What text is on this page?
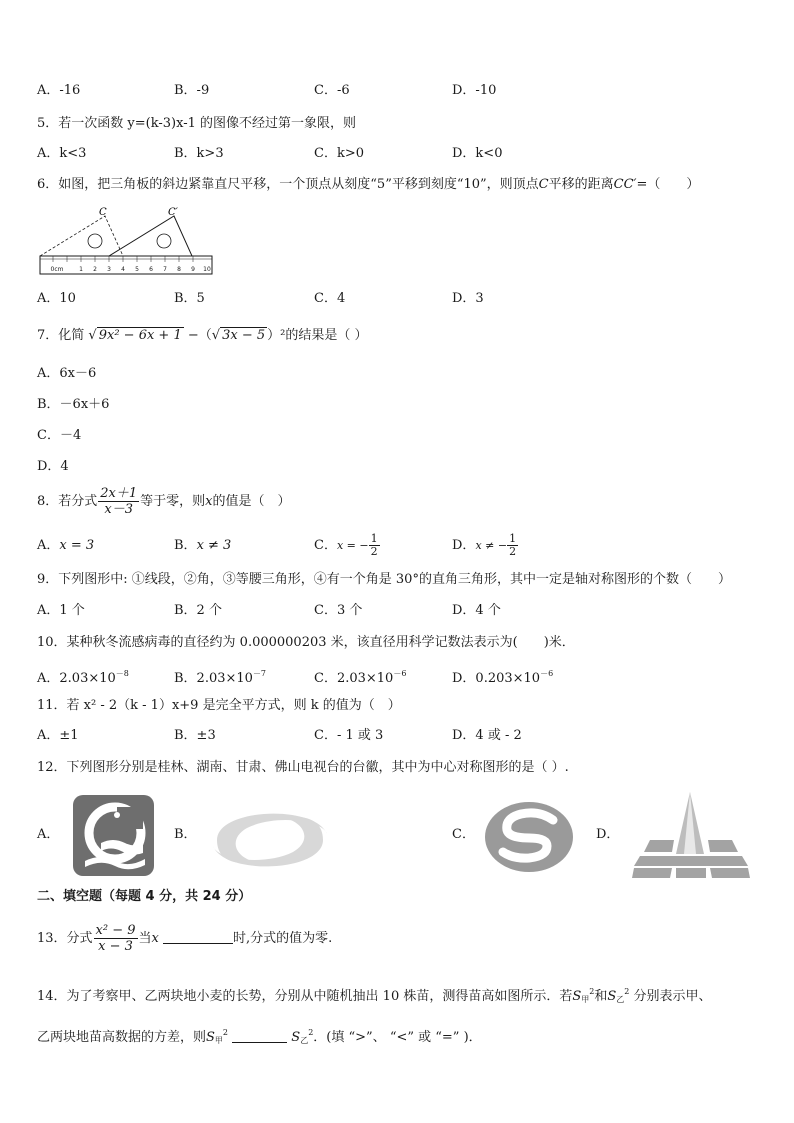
A．-16	B．-9	C．-6	D．-10
5．若一次函数 y=(k-3)x-1 的图像不经过第一象限，则
A．k<3	B．k>3	C．k>0	D．k<0
6．如图，把三角板的斜边紧靠直尺平移，一个顶点从刻度“5”平移到刻度“10”，则顶点C平移的距离CC′=（　　）
0cm	1 2 3 4 5 6 7 8 9 10
C	C′
A．10	B．5	C．4	D．3
7．化简 √ 9x² − 6x + 1 −（√ 3x − 5 ）²的结果是（ ）
A．6x－6
B．－6x＋6
C．－4
D．4
8．若分式 $\frac{2x+1}{x-3}$ 等于零，则x的值是（　）
A．x = 3	B．x ≠ 3	C．x = − $\frac{1}{2}$	D．x ≠ − $\frac{1}{2}$
9．下列图形中: ①线段，②角，③等腰三角形，④有一个角是 30°的直角三角形，其中一定是轴对称图形的个数（　　）
A．1 个	B．2 个	C．3 个	D．4 个
10．某种秋冬流感病毒的直径约为 0.000000203 米，该直径用科学记数法表示为(　　)米．
A．$2.03\times 10^{-8}$	B．$2.03\times 10^{-7}$	C．$2.03\times 10^{-6}$	D．$0.203\times 10^{-6}$
11．若 x² - 2（k - 1）x+9 是完全平方式，则 k 的值为（　）
A．±1	B．±3	C．- 1 或 3	D．4 或 - 2
12．下列图形分别是桂林、湖南、甘肃、佛山电视台的台徽，其中为中心对称图形的是（ ）.
A．	B．	C．	D．
二、填空题（每题 4 分，共 24 分）
13．分式 $\frac{\text{x² − 9}}{x - 3}$ 当x	时,分式的值为零.
14．为了考察甲、乙两块地小麦的长势，分别从中随机抽出 10 株苗，测得苗高如图所示．若$S_甲^2$和$S_乙^2$ 分别表示甲、
乙两块地苗高数据的方差，则$S_甲^2$	$S_乙^2$．(填 “>”、 “<” 或 “=” )．
